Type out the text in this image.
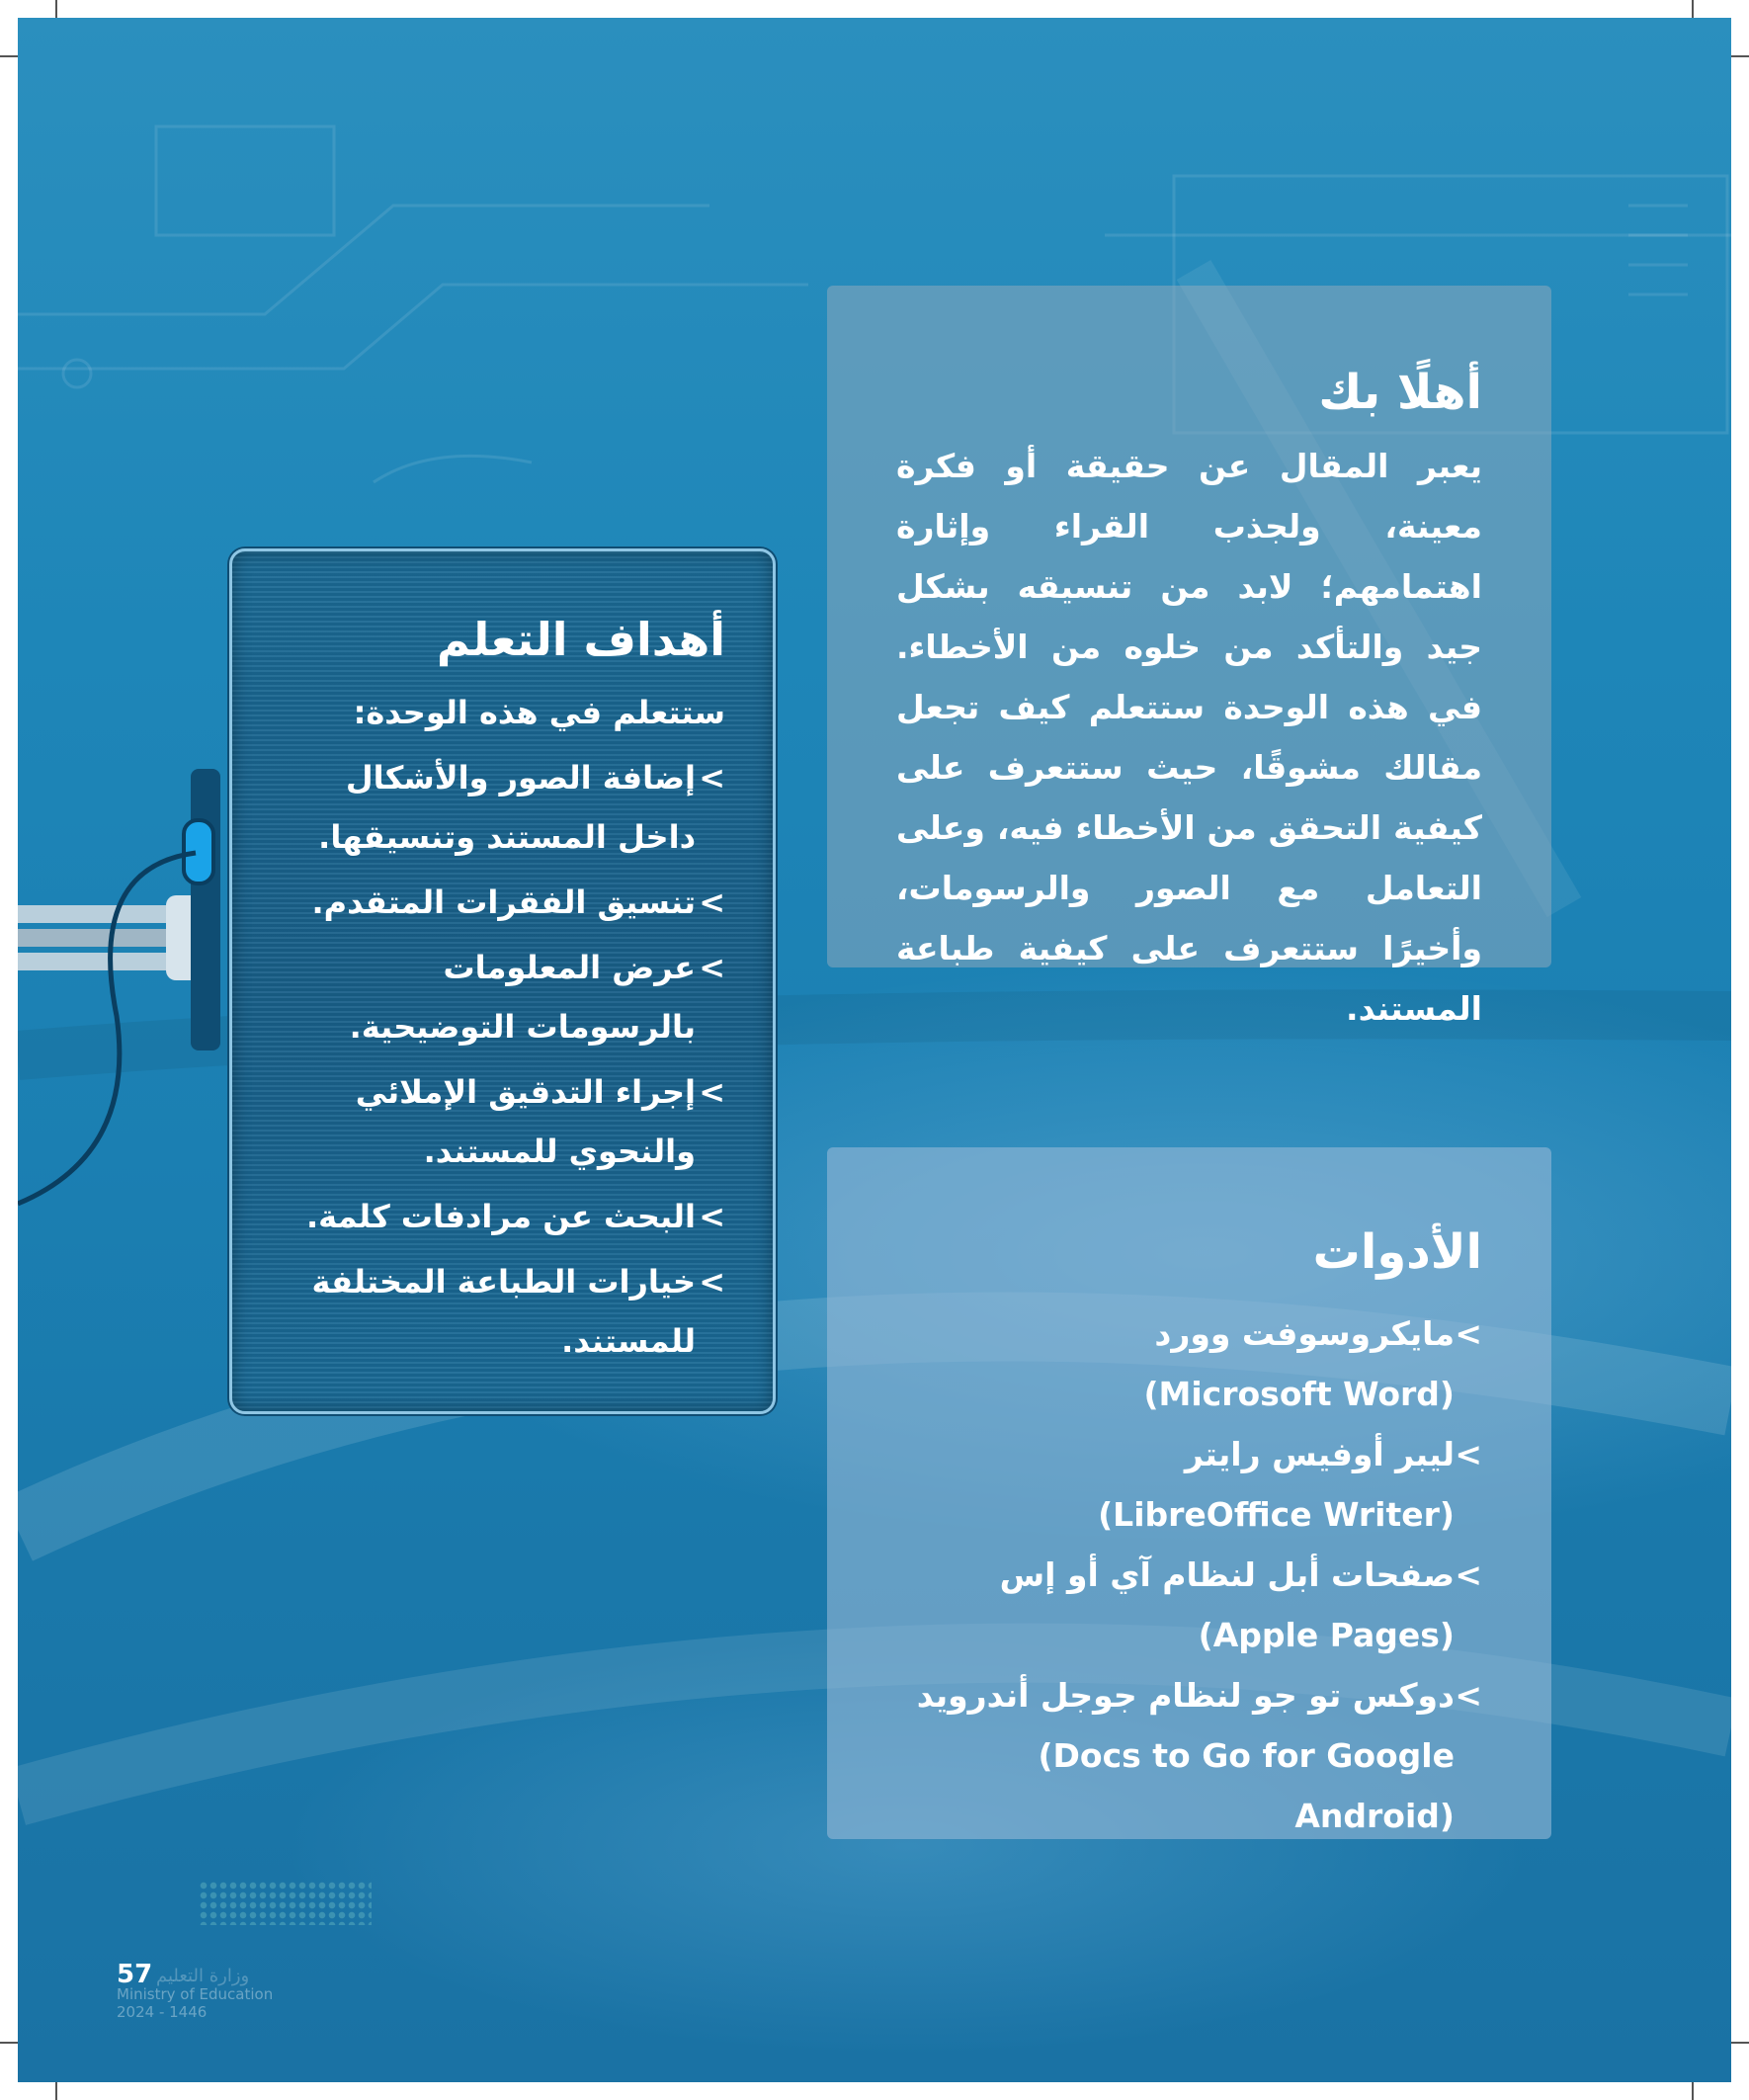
أهلًا بك

يعبر المقال عن حقيقة أو فكرة معينة، ولجذب القراء وإثارة اهتمامهم؛ لابد من تنسيقه بشكل جيد والتأكد من خلوه من الأخطاء. في هذه الوحدة ستتعلم كيف تجعل مقالك مشوقًا، حيث ستتعرف على كيفية التحقق من الأخطاء فيه، وعلى التعامل مع الصور والرسومات، وأخيرًا ستتعرف على كيفية طباعة المستند.

أهداف التعلم
ستتعلم في هذه الوحدة:
>
إضافة الصور والأشكال داخل المستند وتنسيقها.
>
تنسيق الفقرات المتقدم.
>
عرض المعلومات بالرسومات التوضيحية.
>
إجراء التدقيق الإملائي والنحوي للمستند.
>
البحث عن مرادفات كلمة.
>
خيارات الطباعة المختلفة للمستند.
الأدوات
>
مايكروسوفت وورد
(Microsoft Word)
>
ليبر أوفيس رايتر
(LibreOffice Writer)
>
صفحات أبل لنظام آي أو إس
(Apple Pages)
>
دوكس تو جو لنظام جوجل أندرويد
(Docs to Go for Google Android)
57 وزارة التعليم
Ministry of Education
2024 - 1446
